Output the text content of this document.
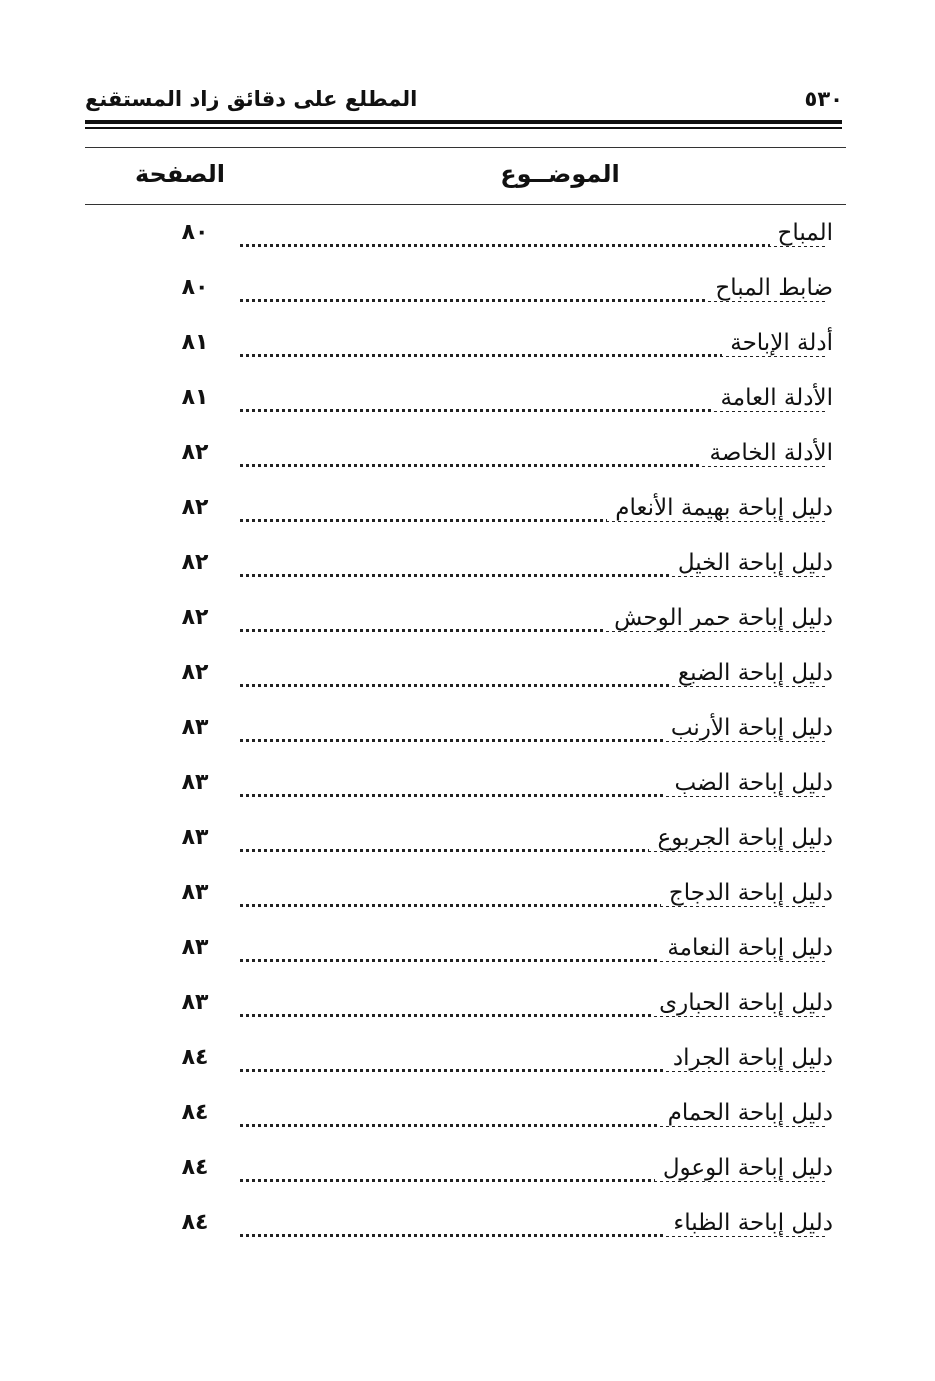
المطلع على دقائق زاد المستقنع	٥٣٠
الموضــوع
الصفحة
المباح
٨٠
ضابط المباح
٨٠
أدلة الإباحة
٨١
الأدلة العامة
٨١
الأدلة الخاصة
٨٢
دليل إباحة بهيمة الأنعام
٨٢
دليل إباحة الخيل
٨٢
دليل إباحة حمر الوحش
٨٢
دليل إباحة الضبع
٨٢
دليل إباحة الأرنب
٨٣
دليل إباحة الضب
٨٣
دليل إباحة الجربوع
٨٣
دليل إباحة الدجاج
٨٣
دليل إباحة النعامة
٨٣
دليل إباحة الحبارى
٨٣
دليل إباحة الجراد
٨٤
دليل إباحة الحمام
٨٤
دليل إباحة الوعول
٨٤
دليل إباحة الظباء
٨٤
